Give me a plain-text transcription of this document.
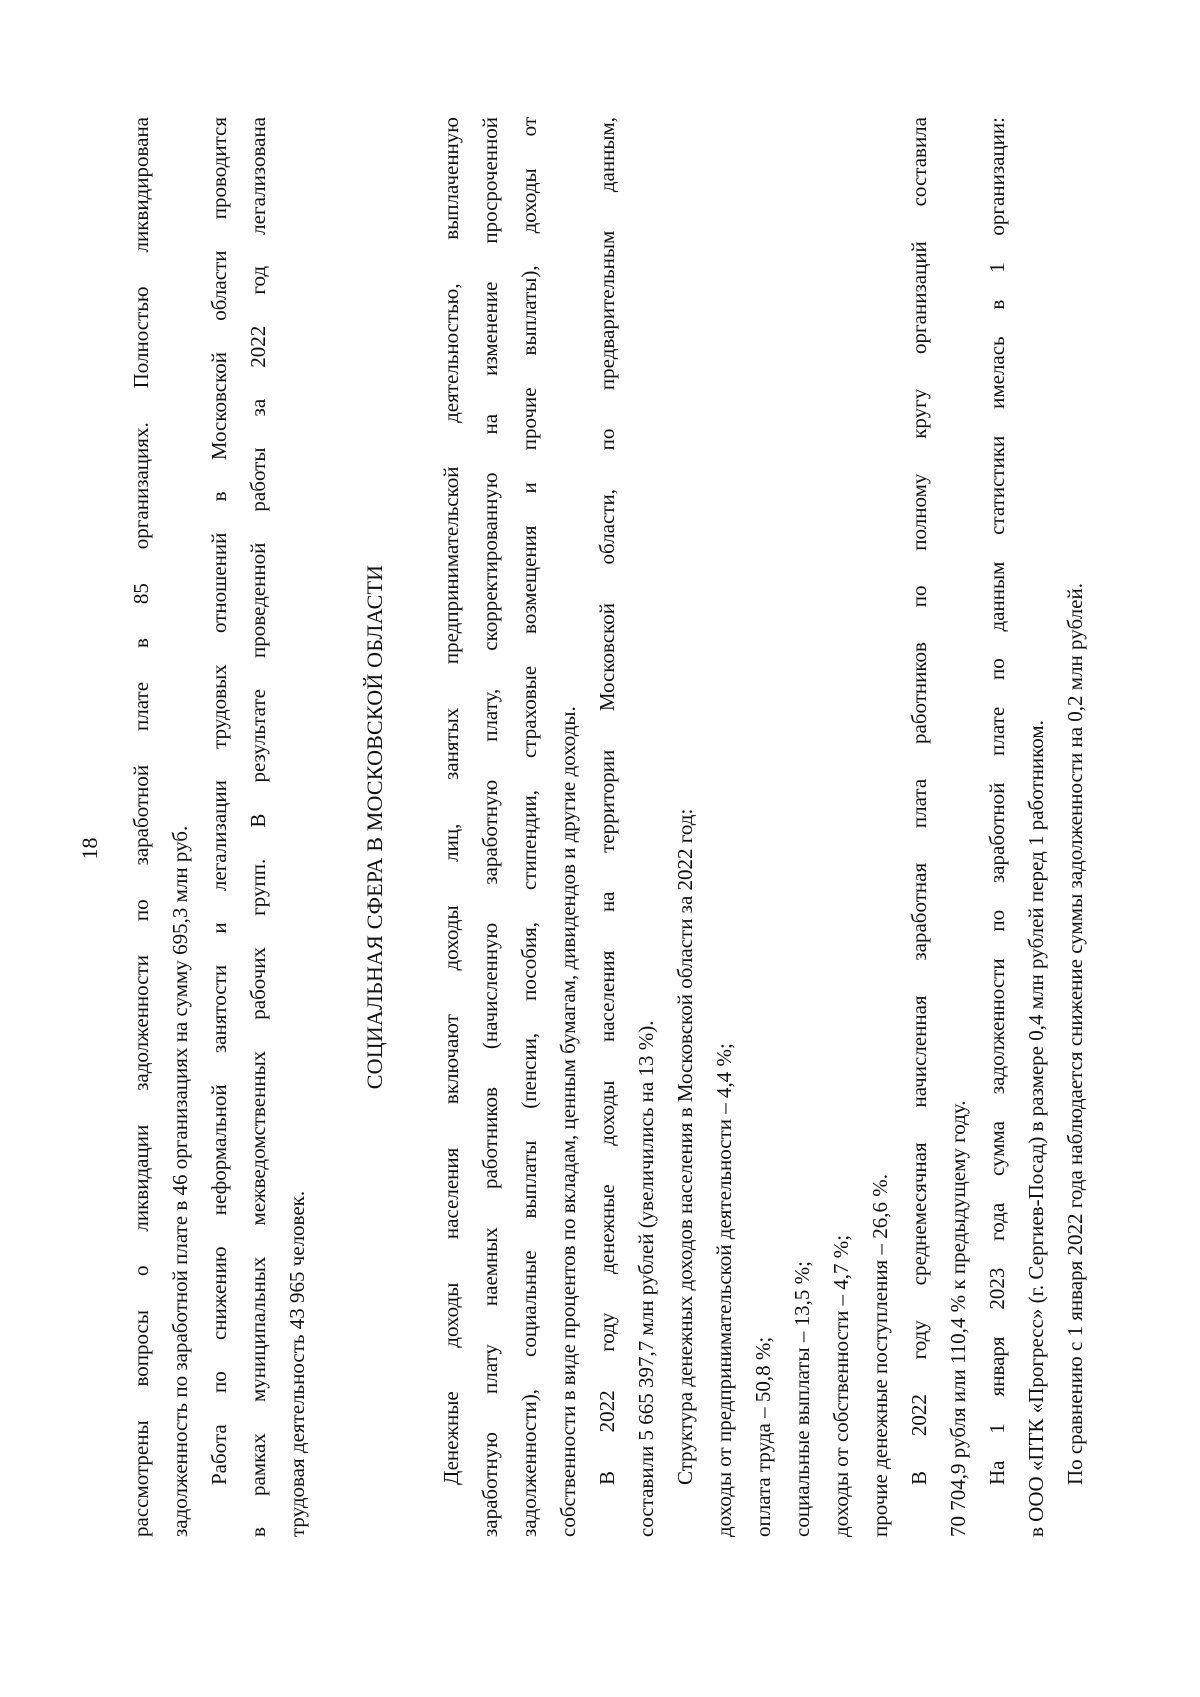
18	рассмотрены вопросы о ликвидации задолженности по заработной плате в 85 организациях. Полностью ликвидирована задолженность по заработной плате в 46 организациях на сумму 695,3 млн руб. Работа по снижению неформальной занятости и легализации трудовых отношений в Московской области проводится в рамках муниципальных межведомственных рабочих групп. В результате проведенной работы за 2022 год легализована трудовая деятельность 43 965 человек.
СОЦИАЛЬНАЯ СФЕРА В МОСКОВСКОЙ ОБЛАСТИ	Денежные доходы населения включают доходы лиц, занятых предпринимательской деятельностью, выплаченную заработную плату наемных работников (начисленную заработную плату, скорректированную на изменение просроченной задолженности), социальные выплаты (пенсии, пособия, стипендии, страховые возмещения и прочие выплаты), доходы от собственности в виде процентов по вкладам, ценным бумагам, дивидендов и другие доходы. В 2022 году денежные доходы населения на территории Московской области, по предварительным данным, составили 5 665 397,7 млн рублей (увеличились на 13 %). Структура денежных доходов населения в Московской области за 2022 год: доходы от предпринимательской деятельности – 4,4 %; оплата труда – 50,8 %; социальные выплаты – 13,5 %; доходы от собственности – 4,7 %; прочие денежные поступления – 26,6 %. В 2022 году среднемесячная начисленная заработная плата работников по полному кругу организаций составила 70 704,9 рубля или 110,4 % к предыдущему году. На 1 января 2023 года сумма задолженности по заработной плате по данным статистики имелась в 1 организации: в ООО «ПТК «Прогресс» (г. Сергиев-Посад) в размере 0,4 млн рублей перед 1 работником. По сравнению с 1 января 2022 года наблюдается снижение суммы задолженности на 0,2 млн рублей.
